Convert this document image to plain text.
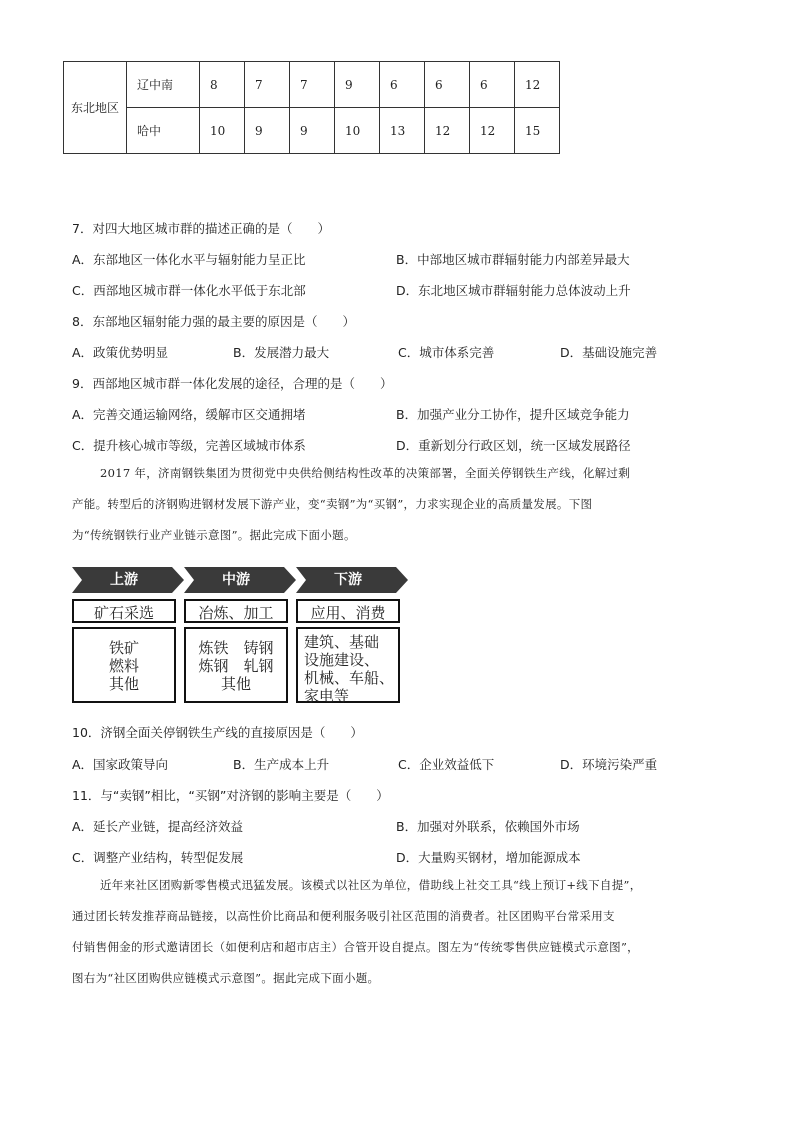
东北地区	辽中南	8	7	7	9	6	6	6	12
	哈中	10	9	9	10	13	12	12	15
7．对四大地区城市群的描述正确的是（　　）
A．东部地区一体化水平与辐射能力呈正比	B．中部地区城市群辐射能力内部差异最大
C．西部地区城市群一体化水平低于东北部	D．东北地区城市群辐射能力总体波动上升
8．东部地区辐射能力强的最主要的原因是（　　）
A．政策优势明显	B．发展潜力最大	C．城市体系完善	D．基础设施完善
9．西部地区城市群一体化发展的途径，合理的是（　　）
A．完善交通运输网络，缓解市区交通拥堵	B．加强产业分工协作，提升区域竞争能力
C．提升核心城市等级，完善区域城市体系	D．重新划分行政区划，统一区域发展路径
2017 年，济南钢铁集团为贯彻党中央供给侧结构性改革的决策部署，全面关停钢铁生产线，化解过剩
产能。转型后的济钢购进钢材发展下游产业，变“卖钢”为“买钢”，力求实现企业的高质量发展。下图
为“传统钢铁行业产业链示意图”。据此完成下面小题。
上游
矿石采选
铁矿
燃料
其他
中游
冶炼、加工
炼铁　铸钢
炼钢　轧钢
其他
下游
应用、消费
建筑、基础
设施建设、
机械、车船、
家电等
10．济钢全面关停钢铁生产线的直接原因是（　　）
A．国家政策导向	B．生产成本上升	C．企业效益低下	D．环境污染严重
11．与“卖钢”相比，“买钢”对济钢的影响主要是（　　）
A．延长产业链，提高经济效益	B．加强对外联系，依赖国外市场
C．调整产业结构，转型促发展	D．大量购买钢材，增加能源成本
近年来社区团购新零售模式迅猛发展。该模式以社区为单位，借助线上社交工具“线上预订+线下自提”，
通过团长转发推荐商品链接，以高性价比商品和便利服务吸引社区范围的消费者。社区团购平台常采用支
付销售佣金的形式邀请团长（如便利店和超市店主）合管开设自提点。图左为“传统零售供应链模式示意图”，
图右为“社区团购供应链模式示意图”。据此完成下面小题。
